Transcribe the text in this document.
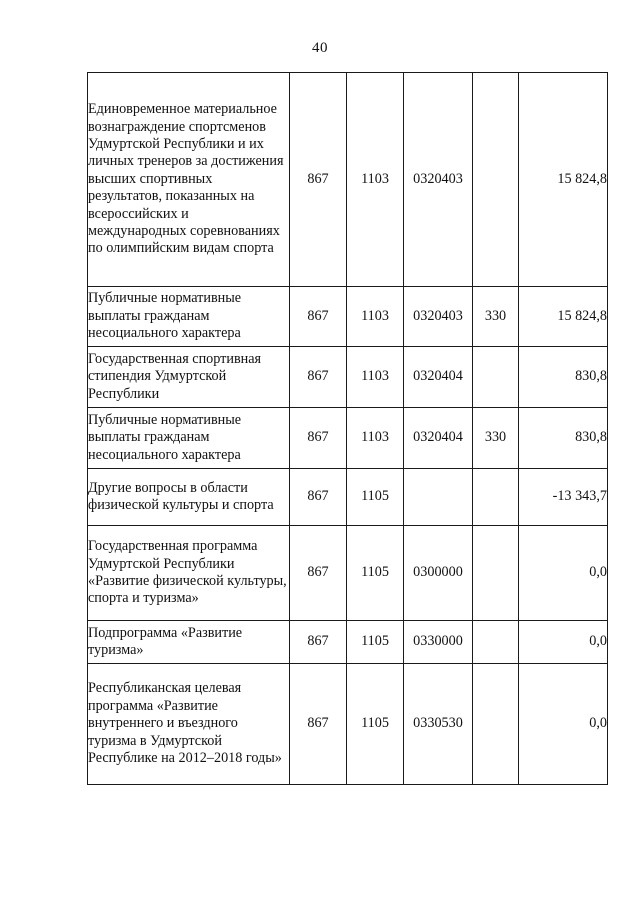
40
Единовременное материальное вознаграждение спортсменов Удмуртской Республики и их личных тренеров за достижения высших спортивных результатов, показанных на всероссийских и международных соревнованиях по олимпийским видам спорта	867	1103	0320403		15 824,8
Публичные нормативные выплаты гражданам несоциального характера	867	1103	0320403	330	15 824,8
Государственная спортивная стипендия Удмуртской Республики	867	1103	0320404		830,8
Публичные нормативные выплаты гражданам несоциального характера	867	1103	0320404	330	830,8
Другие вопросы в области физической культуры и спорта	867	1105			-13 343,7
Государственная программа Удмуртской Республики «Развитие физической культуры, спорта и туризма»	867	1105	0300000		0,0
Подпрограмма «Развитие туризма»	867	1105	0330000		0,0
Республиканская целевая программа «Развитие внутреннего и въездного туризма в Удмуртской Республике на 2012–2018 годы»	867	1105	0330530		0,0
